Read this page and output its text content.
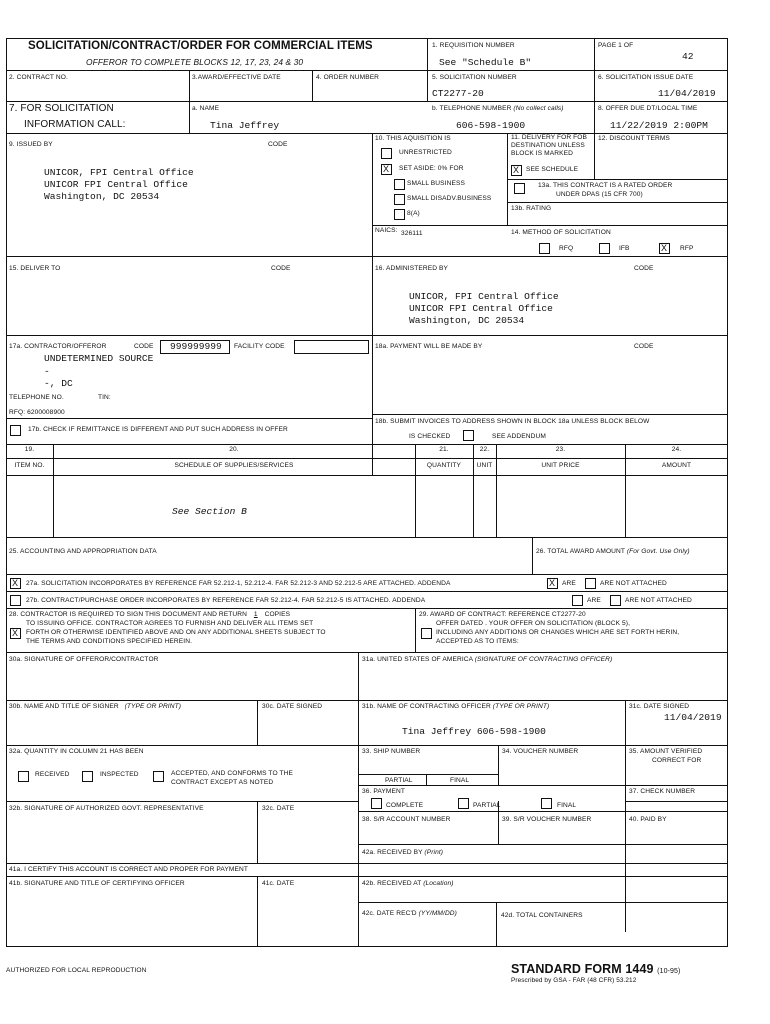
SOLICITATION/CONTRACT/ORDER FOR COMMERCIAL ITEMS
OFFEROR TO COMPLETE BLOCKS 12, 17, 23, 24 & 30
1. REQUISITION NUMBER
See "Schedule B"
PAGE 1 OF
42
2. CONTRACT NO.	3.AWARD/EFFECTIVE DATE	4. ORDER NUMBER	5. SOLICITATION NUMBER
CT2277-20
6. SOLICITATION ISSUE DATE
11/04/2019
7. FOR SOLICITATION
INFORMATION CALL:
a. NAME
Tina Jeffrey
b. TELEPHONE NUMBER (No collect calls)
606-598-1900
8. OFFER DUE DT/LOCAL TIME
11/22/2019 2:00PM
9. ISSUED BY	CODE
UNICOR, FPI Central Office
UNICOR FPI Central Office
Washington, DC 20534
10. THIS AQUISITION IS
UNRESTRICTED
X
SET ASIDE: 0% FOR
SMALL BUSINESS
SMALL DISADV.BUSINESS
8(A)
NAICS: 326111
11. DELIVERY FOR FOB
DESTINATION UNLESS
BLOCK IS MARKED
X
SEE SCHEDULE
12. DISCOUNT TERMS
13a. THIS CONTRACT IS A RATED ORDER
UNDER DPAS (15 CFR 700)
13b. RATING
14. METHOD OF SOLICITATION
RFQ	IFB X	RFP
15. DELIVER TO	CODE	16. ADMINISTERED BY	CODE
UNICOR, FPI Central Office
UNICOR FPI Central Office
Washington, DC 20534
17a. CONTRACTOR/OFFEROR	CODE 999999999 FACILITY CODE
UNDETERMINED SOURCE
-
-, DC
TELEPHONE NO.	TIN:
RFQ: 6200008900
17b. CHECK IF REMITTANCE IS DIFFERENT AND PUT SUCH ADDRESS IN OFFER
18a. PAYMENT WILL BE MADE BY	CODE
18b. SUBMIT INVOICES TO ADDRESS SHOWN IN BLOCK 18a UNLESS BLOCK BELOW
IS CHECKED	SEE ADDENDUM
19.	20.	21.	22.	23.	24.
ITEM NO.	SCHEDULE OF SUPPLIES/SERVICES	QUANTITY	UNIT	UNIT PRICE	AMOUNT
See Section B
25. ACCOUNTING AND APPROPRIATION DATA	26. TOTAL AWARD AMOUNT (For Govt. Use Only)
X
27a. SOLICITATION INCORPORATES BY REFERENCE FAR 52.212-1, 52.212-4. FAR 52.212-3 AND 52.212-5 ARE ATTACHED. ADDENDA X	ARE	ARE NOT ATTACHED
27b. CONTRACT/PURCHASE ORDER INCORPORATES BY REFERENCE FAR 52.212-4. FAR 52.212-5 IS ATTACHED. ADDENDA	ARE	ARE NOT ATTACHED
28. CONTRACTOR IS REQUIRED TO SIGN THIS DOCUMENT AND RETURN 1 COPIES
TO ISSUING OFFICE. CONTRACTOR AGREES TO FURNISH AND DELIVER ALL ITEMS SET
X
FORTH OR OTHERWISE IDENTIFIED ABOVE AND ON ANY ADDITIONAL SHEETS SUBJECT TO
THE TERMS AND CONDITIONS SPECIFIED HEREIN.
29. AWARD OF CONTRACT: REFERENCE CT2277-20
OFFER DATED . YOUR OFFER ON SOLICITATION (BLOCK 5),
INCLUDING ANY ADDITIONS OR CHANGES WHICH ARE SET FORTH HERIN,
ACCEPTED AS TO ITEMS:
30a. SIGNATURE OF OFFEROR/CONTRACTOR	31a. UNITED STATES OF AMERICA (SIGNATURE OF CONTRACTING OFFICER)
30b. NAME AND TITLE OF SIGNER (TYPE OR PRINT)	30c. DATE SIGNED	31b. NAME OF CONTRACTING OFFICER (TYPE OR PRINT)
Tina Jeffrey 606-598-1900
31c. DATE SIGNED
11/04/2019
32a. QUANTITY IN COLUMN 21 HAS BEEN
RECEIVED	INSPECTED	ACCEPTED, AND CONFORMS TO THE
CONTRACT EXCEPT AS NOTED
33. SHIP NUMBER
PARTIAL	FINAL
34. VOUCHER NUMBER	35. AMOUNT VERIFIED
CORRECT FOR
36. PAYMENT
COMPLETE	PARTIAL	FINAL
37. CHECK NUMBER
32b. SIGNATURE OF AUTHORIZED GOVT. REPRESENTATIVE	32c. DATE
38. S/R ACCOUNT NUMBER	39. S/R VOUCHER NUMBER	40. PAID BY
42a. RECEIVED BY (Print)
41a. I CERTIFY THIS ACCOUNT IS CORRECT AND PROPER FOR PAYMENT
41b. SIGNATURE AND TITLE OF CERTIFYING OFFICER	41c. DATE	42b. RECEIVED AT (Location)
42c. DATE REC'D (YY/MM/DD)	42d. TOTAL CONTAINERS
AUTHORIZED FOR LOCAL REPRODUCTION	STANDARD FORM 1449 (10-95)
Prescribed by GSA - FAR (48 CFR) 53.212
